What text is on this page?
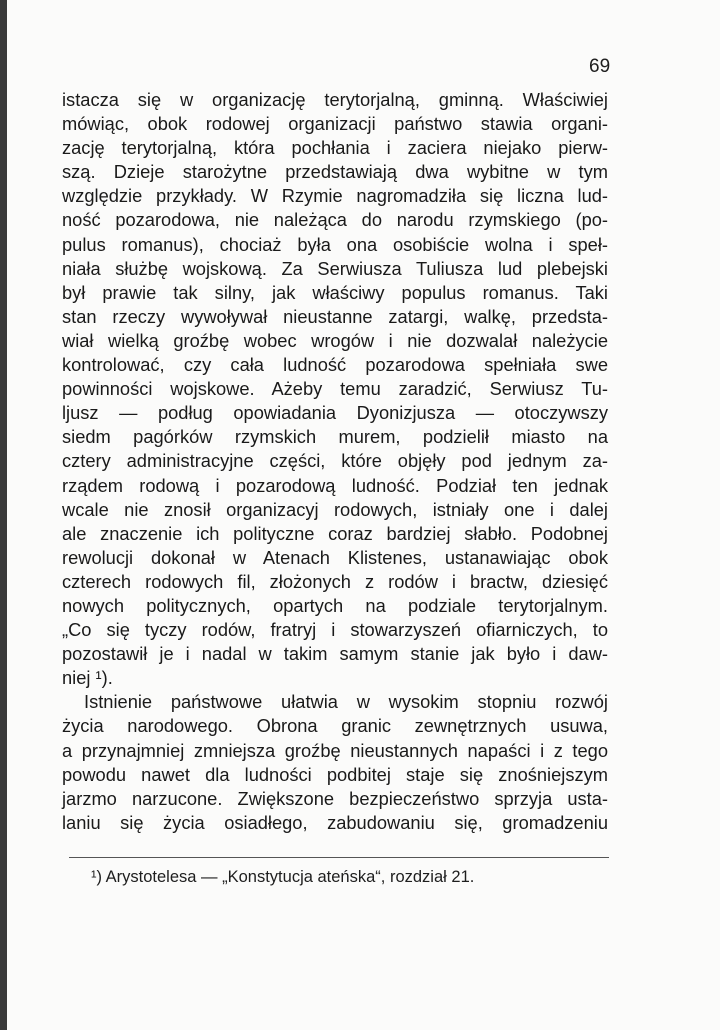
69
istacza się w organizację terytorjalną, gminną. Właściwiej
mówiąc, obok rodowej organizacji państwo stawia organi-
zację terytorjalną, która pochłania i zaciera niejako pierw-
szą. Dzieje starożytne przedstawiają dwa wybitne w tym
względzie przykłady. W Rzymie nagromadziła się liczna lud-
ność pozarodowa, nie należąca do narodu rzymskiego (po-
pulus romanus), chociaż była ona osobiście wolna i speł-
niała służbę wojskową. Za Serwiusza Tuliusza lud plebejski
był prawie tak silny, jak właściwy populus romanus. Taki
stan rzeczy wywoływał nieustanne zatargi, walkę, przedsta-
wiał wielką groźbę wobec wrogów i nie dozwalał należycie
kontrolować, czy cała ludność pozarodowa spełniała swe
powinności wojskowe. Ażeby temu zaradzić, Serwiusz Tu-
ljusz — podług opowiadania Dyonizjusza — otoczywszy
siedm pagórków rzymskich murem, podzielił miasto na
cztery administracyjne części, które objęły pod jednym za-
rządem rodową i pozarodową ludność. Podział ten jednak
wcale nie znosił organizacyj rodowych, istniały one i dalej
ale znaczenie ich polityczne coraz bardziej słabło. Podobnej
rewolucji dokonał w Atenach Klistenes, ustanawiając obok
czterech rodowych fil, złożonych z rodów i bractw, dziesięć
nowych politycznych, opartych na podziale terytorjalnym.
„Co się tyczy rodów, fratryj i stowarzyszeń ofiarniczych, to
pozostawił je i nadal w takim samym stanie jak było i daw-
niej ¹).
Istnienie państwowe ułatwia w wysokim stopniu rozwój
życia narodowego. Obrona granic zewnętrznych usuwa,
a przynajmniej zmniejsza groźbę nieustannych napaści i z tego
powodu nawet dla ludności podbitej staje się znośniejszym
jarzmo narzucone. Zwiększone bezpieczeństwo sprzyja usta-
laniu się życia osiadłego, zabudowaniu się, gromadzeniu
¹) Arystotelesa — „Konstytucja ateńska“, rozdział 21.
